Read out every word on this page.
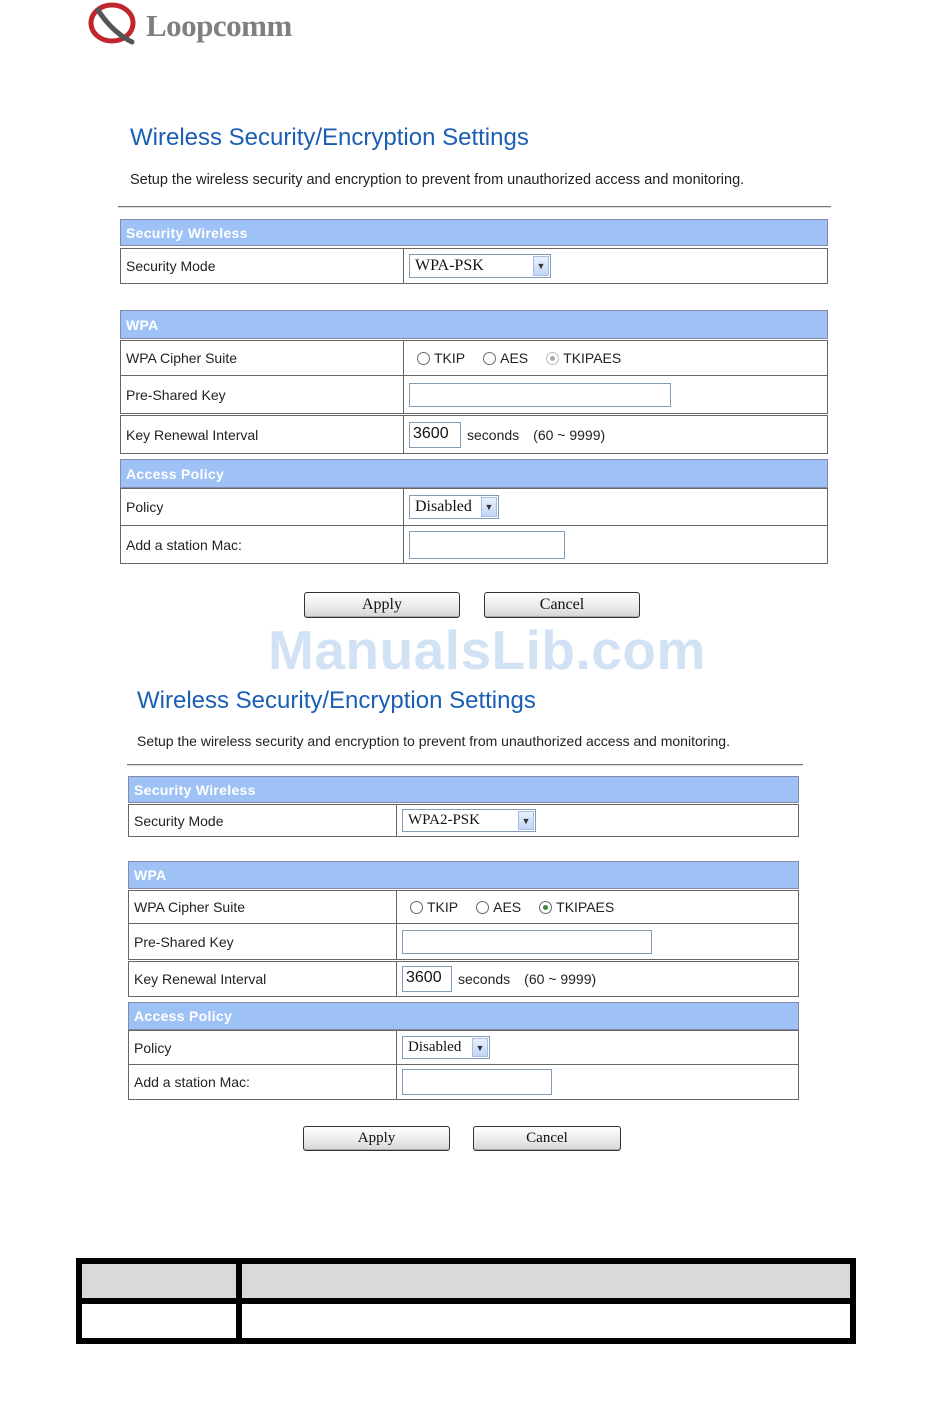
Loopcomm
Wireless Security/Encryption Settings
Setup the wireless security and encryption to prevent from unauthorized access and monitoring.
Security Wireless
Security Mode	WPA-PSK	▼
WPA
WPA Cipher Suite	TKIP	AES	TKIPAES
Pre-Shared Key
Key Renewal Interval	3600	seconds (60 ~ 9999)
Access Policy
Policy	Disabled	▼
Add a station Mac:
Apply	Cancel
ManualsLib.com
Wireless Security/Encryption Settings
Setup the wireless security and encryption to prevent from unauthorized access and monitoring.
Security Wireless
Security Mode	WPA2-PSK	▼
WPA
WPA Cipher Suite	TKIP	AES	TKIPAES
Pre-Shared Key
Key Renewal Interval	3600	seconds (60 ~ 9999)
Access Policy
Policy	Disabled	▼
Add a station Mac:
Apply	Cancel
